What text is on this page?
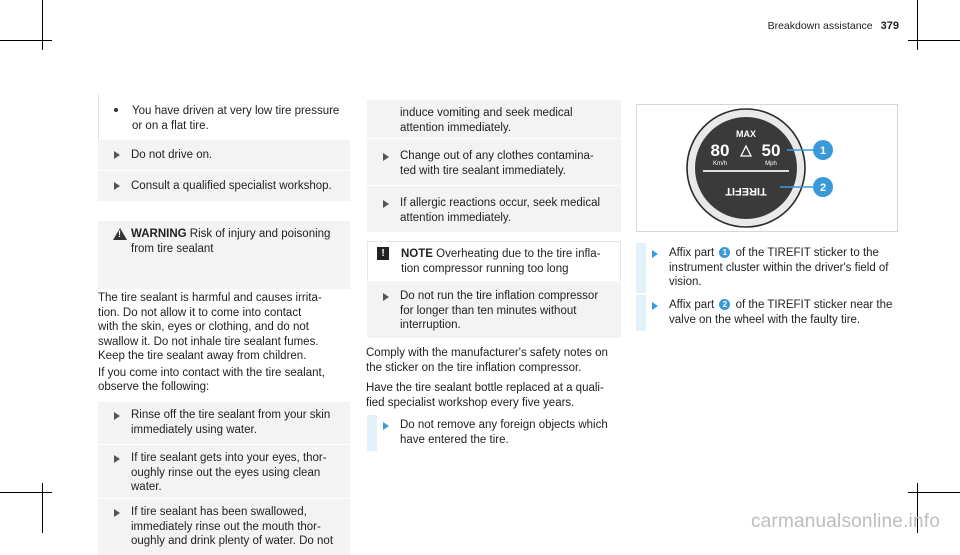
Breakdown assistance 379
You have driven at very low tire pressure
or on a flat tire.
Do not drive on.
Consult a qualified specialist workshop.
!
WARNING Risk of injury and poisoning
from tire sealant
The tire sealant is harmful and causes irrita-
tion. Do not allow it to come into contact
with the skin, eyes or clothing, and do not
swallow it. Do not inhale tire sealant fumes.
Keep the tire sealant away from children.
If you come into contact with the tire sealant,
observe the following:
Rinse off the tire sealant from your skin
immediately using water.
If tire sealant gets into your eyes, thor-
oughly rinse out the eyes using clean
water.
If tire sealant has been swallowed,
immediately rinse out the mouth thor-
oughly and drink plenty of water. Do not
induce vomiting and seek medical
attention immediately.
Change out of any clothes contamina-
ted with tire sealant immediately.
If allergic reactions occur, seek medical
attention immediately.
!	NOTE Overheating due to the tire infla-
tion compressor running too long
Do not run the tire inflation compressor
for longer than ten minutes without
interruption.
Comply with the manufacturer's safety notes on
the sticker on the tire inflation compressor.
Have the tire sealant bottle replaced at a quali-
fied specialist workshop every five years.
Do not remove any foreign objects which
have entered the tire.
MAX
80 50
Km/h	Mph
TIREFIT
1
2
Affix part 1 of the TIREFIT sticker to the
instrument cluster within the driver's field of
vision.
Affix part 2 of the TIREFIT sticker near the
valve on the wheel with the faulty tire.
carmanualsonline.info
